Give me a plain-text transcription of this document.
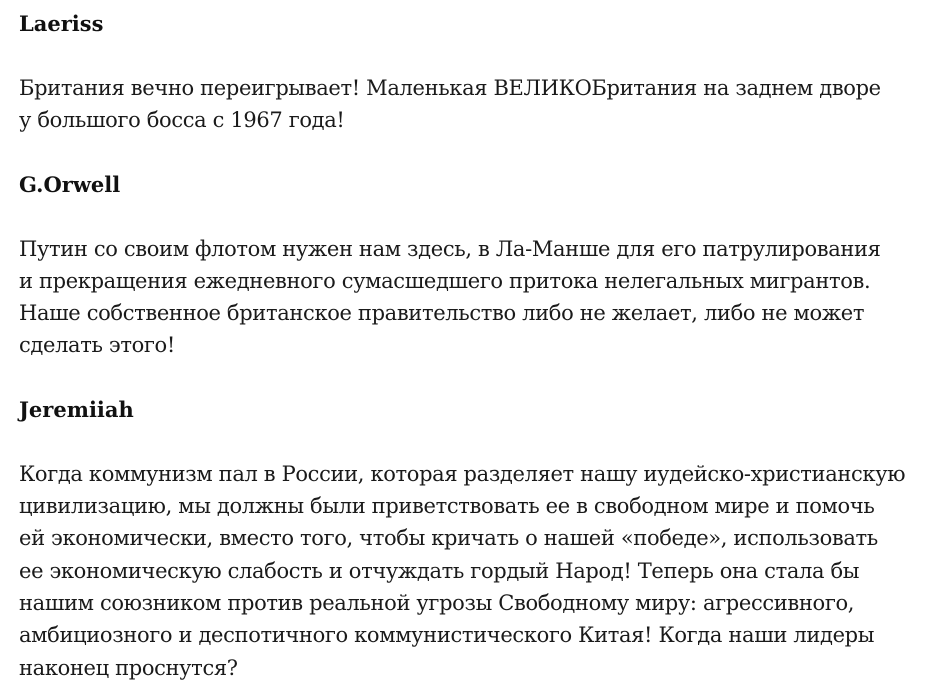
Laeriss
Британия вечно переигрывает! Маленькая ВЕЛИКОБритания на заднем дворе
у большого босса с 1967 года!
G.Orwell
Путин со своим флотом нужен нам здесь, в Ла-Манше для его патрулирования
и прекращения ежедневного сумасшедшего притока нелегальных мигрантов.
Наше собственное британское правительство либо не желает, либо не может
сделать этого!
Jeremiiah
Когда коммунизм пал в России, которая разделяет нашу иудейско-христианскую
цивилизацию, мы должны были приветствовать ее в свободном мире и помочь
ей экономически, вместо того, чтобы кричать о нашей «победе», использовать
ее экономическую слабость и отчуждать гордый Народ! Теперь она стала бы
нашим союзником против реальной угрозы Свободному миру: агрессивного,
амбициозного и деспотичного коммунистического Китая! Когда наши лидеры
наконец проснутся?
